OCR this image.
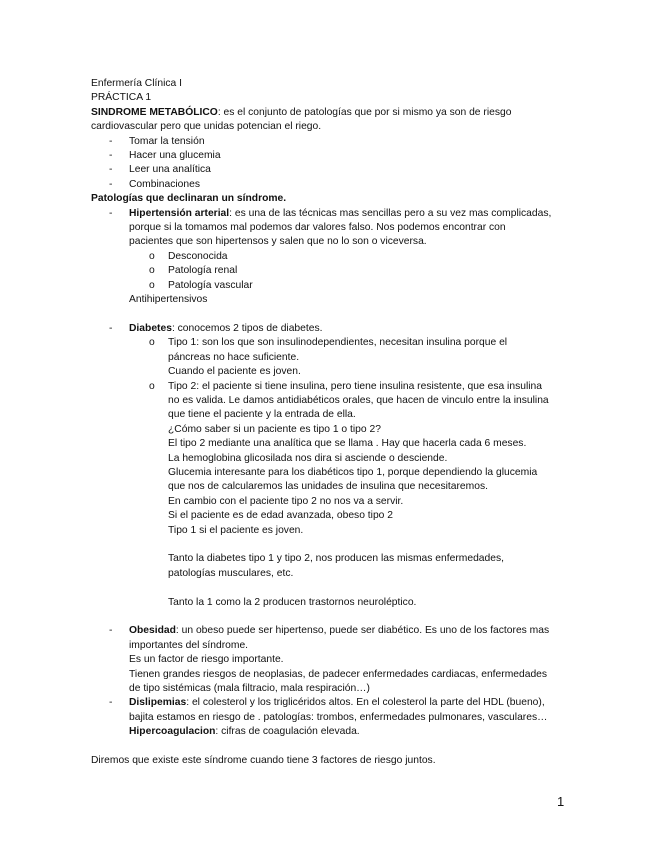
Enfermería Clínica I
PRÁCTICA 1
SINDROME METABÓLICO: es el conjunto de patologías que por si mismo ya son de riesgo
cardiovascular pero que unidas potencian el riego.
- Tomar la tensión
- Hacer una glucemia
- Leer una analítica
- Combinaciones
Patologías que declinaran un síndrome.
- Hipertensión arterial: es una de las técnicas mas sencillas pero a su vez mas complicadas,
porque si la tomamos mal podemos dar valores falso. Nos podemos encontrar con
pacientes que son hipertensos y salen que no lo son o viceversa.
o Desconocida
o Patología renal
o Patología vascular
Antihipertensivos
- Diabetes: conocemos 2 tipos de diabetes.
o Tipo 1: son los que son insulinodependientes, necesitan insulina porque el
páncreas no hace suficiente.
Cuando el paciente es joven.
o Tipo 2: el paciente si tiene insulina, pero tiene insulina resistente, que esa insulina
no es valida. Le damos antidiabéticos orales, que hacen de vinculo entre la insulina
que tiene el paciente y la entrada de ella.
¿Cómo saber si un paciente es tipo 1 o tipo 2?
El tipo 2 mediante una analítica que se llama . Hay que hacerla cada 6 meses.
La hemoglobina glicosilada nos dira si asciende o desciende.
Glucemia interesante para los diabéticos tipo 1, porque dependiendo la glucemia
que nos de calcularemos las unidades de insulina que necesitaremos.
En cambio con el paciente tipo 2 no nos va a servir.
Si el paciente es de edad avanzada, obeso tipo 2
Tipo 1 si el paciente es joven.
Tanto la diabetes tipo 1 y tipo 2, nos producen las mismas enfermedades,
patologías musculares, etc.
Tanto la 1 como la 2 producen trastornos neuroléptico.
- Obesidad: un obeso puede ser hipertenso, puede ser diabético. Es uno de los factores mas
importantes del síndrome.
Es un factor de riesgo importante.
Tienen grandes riesgos de neoplasias, de padecer enfermedades cardiacas, enfermedades
de tipo sistémicas (mala filtracio, mala respiración…)
- Dislipemias: el colesterol y los triglicéridos altos. En el colesterol la parte del HDL (bueno),
bajita estamos en riesgo de . patologías: trombos, enfermedades pulmonares, vasculares…
Hipercoagulacion: cifras de coagulación elevada.
Diremos que existe este síndrome cuando tiene 3 factores de riesgo juntos.
1
